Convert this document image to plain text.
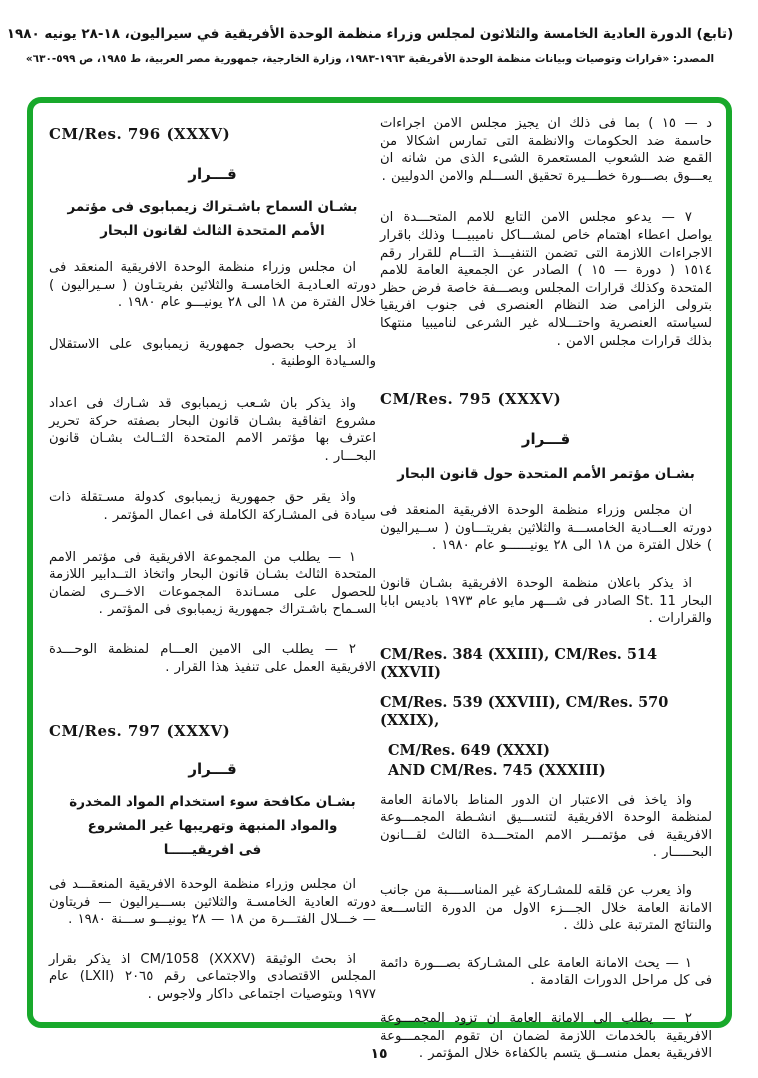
(تابع) الدورة العادية الخامسة والثلاثون لمجلس وزراء منظمة الوحدة الأفريقية في سيراليون، ١٨-٢٨ يونيه ١٩٨٠
المصدر: «قرارات وتوصيات وبيانات منظمة الوحدة الأفريقية ١٩٦٣-١٩٨٣، وزارة الخارجية، جمهورية مصر العربية، ط ١٩٨٥، ص ٥٩٩-٦٣٠»

د — ١٥ ) بما فى ذلك ان يجيز مجلس الامن اجراءات حاسمة ضد الحكومات والانظمة التى تمارس اشكالا من القمع ضد الشعوب المستعمرة الشىء الذى من شانه ان يعـــوق بصـــورة خطـــيرة تحقيق الســـلم والامن الدوليين .

٧ — يدعو مجلس الامن التابع للامم المتحـــدة ان يواصل اعطاء اهتمام خاص لمشـــاكل ناميبيـــا وذلك باقرار الاجراءات اللازمة التى تضمن التنفيـــذ التـــام للقرار رقم ١٥١٤ ( دورة — ١٥ ) الصادر عن الجمعية العامة للامم المتحدة وكذلك قرارات المجلس وبصـــفة خاصة فرض حظر بترولى الزامى ضد النظام العنصرى فى جنوب افريقيا لسياسته العنصرية واحتـــلاله غير الشرعى لناميبيا منتهكا بذلك قرارات مجلس الامن .

CM/Res. 795 (XXXV)

قـــرار

بشـان مؤتمر الأمم المتحدة حول قانون البحار

ان مجلس وزراء منظمة الوحدة الافريقية المنعقد فى دورته العـــادية الخامســـة والثلاثين بفريتـــاون ( ســيراليون ) خلال الفترة من ١٨ الى ٢٨ يونيــــــو عام ١٩٨٠ .

اذ يذكر باعلان منظمة الوحدة الافريقية بشـان قانون البحار St. 11 الصادر فى شـــهر مايو عام ١٩٧٣ باديس ابابا والقرارات .

CM/Res. 384 (XXIII), CM/Res. 514 (XXVII)

CM/Res. 539 (XXVIII), CM/Res. 570 (XXIX),

CM/Res. 649 (XXXI)

AND CM/Res. 745 (XXXIII)

واذ ياخذ فى الاعتبار ان الدور المناط بالامانة العامة لمنظمة الوحدة الافريقية لتنســـيق انشـطة المجمـــوعة الافريقية فى مؤتمـــر الامم المتحـــدة الثالث لقـــانون البحـــــار .

واذ يعرب عن قلقه للمشـاركة غير المناســــبة من جانب الامانة العامة خلال الجـــزء الاول من الدورة التاســـعة والنتائج المترتبة على ذلك .

١ — يحث الامانة العامة على المشـاركة بصـــورة دائمة فى كل مراحل الدورات القادمة .

٢ — يطلب الى الامانة العامة ان تزود المجمـــوعة الافريقية بالخدمات اللازمة لضمان ان تقوم المجمـــوعة الافريقية بعمل منســق يتسم بالكفاءة خلال المؤتمر .

CM/Res. 796 (XXXV)

قـــرار

بشـان السماح باشـتراك زيمبابوى فى مؤتمر

الأمم المتحدة الثالث لقانون البحار

ان مجلس وزراء منظمة الوحدة الافريقية المنعقد فى دورته العـاديـة الخامسـة والثلاثين بفريتـاون ( سـيراليون ) خلال الفترة من ١٨ الى ٢٨ يونيـــو عام ١٩٨٠ .

اذ يرحب بحصول جمهورية زيمبابوى على الاستقلال والسـيادة الوطنية .

واذ يذكر بان شـعب زيمبابوى قد شـارك فى اعداد مشروع اتفاقية بشـان قانون البحار بصفته حركة تحرير اعترف بها مؤتمر الامم المتحدة الثــالث بشـان قانون البحـــار .

واذ يقر حق جمهورية زيمبابوى كدولة مسـتقلة ذات سيادة فى المشـاركة الكاملة فى اعمال المؤتمر .

١ — يطلب من المجموعة الافريقية فى مؤتمر الامم المتحدة الثالث بشـان قانون البحار واتخاذ التــدابير اللازمة للحصول على مسـاندة المجموعات الاخــرى لضمان السـماح باشـتراك جمهورية زيمبابوى فى المؤتمر .

٢ — يطلب الى الامين العـــام لمنظمة الوحـــدة الافريقية العمل على تنفيذ هذا القرار .

CM/Res. 797 (XXXV)

قـــرار

بشـان مكافحة سوء استخدام المواد المخدرة

والمواد المنبهة وتهريبها غير المشروع

فى افريقيـــــا

ان مجلس وزراء منظمة الوحدة الافريقية المنعقـــد فى دورته العادية الخامسـة والثلاثين بســـيراليون — فريتاون — خـــلال الفتـــرة من ١٨ — ٢٨ يونيـــو ســـنة ١٩٨٠ .

اذ بحث الوثيقة CM/1058 (XXXV) اذ يذكر بقرار المجلس الاقتصادى والاجتماعى رقم ٢٠٦٥ (LXII) عام ١٩٧٧ وبتوصيات اجتماعى داكار ولاجوس .

١٥
